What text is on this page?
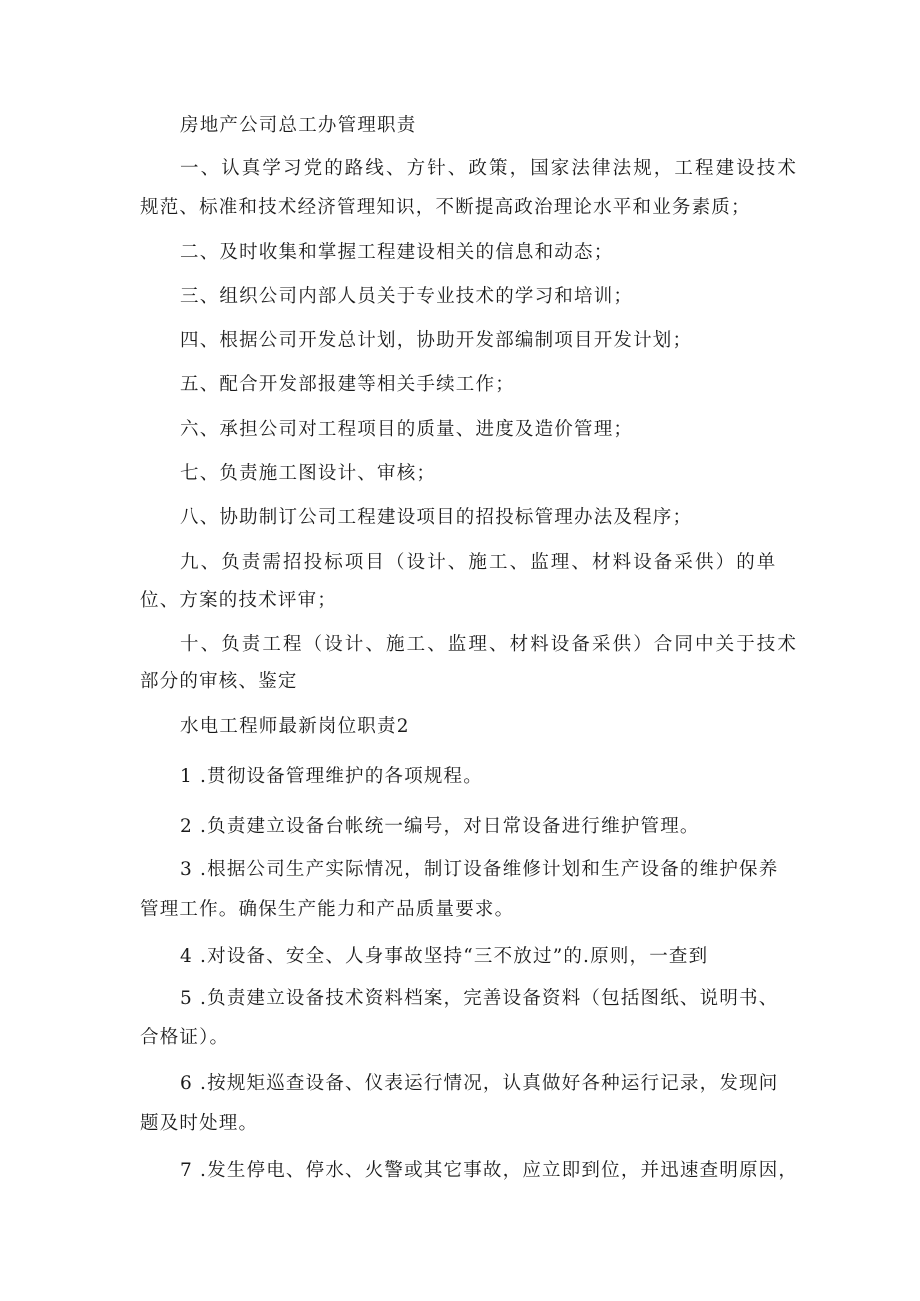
房地产公司总工办管理职责
一、认真学习党的路线、方针、政策，国家法律法规，工程建设技术
规范、标准和技术经济管理知识，不断提高政治理论水平和业务素质；
二、及时收集和掌握工程建设相关的信息和动态；
三、组织公司内部人员关于专业技术的学习和培训；
四、根据公司开发总计划，协助开发部编制项目开发计划；
五、配合开发部报建等相关手续工作；
六、承担公司对工程项目的质量、进度及造价管理；
七、负责施工图设计、审核；
八、协助制订公司工程建设项目的招投标管理办法及程序；
九、负责需招投标项目（设计、施工、监理、材料设备采供）的单
位、方案的技术评审；
十、负责工程（设计、施工、监理、材料设备采供）合同中关于技术
部分的审核、鉴定
水电工程师最新岗位职责2
1 .贯彻设备管理维护的各项规程。
2 .负责建立设备台帐统一编号，对日常设备进行维护管理。
3 .根据公司生产实际情况，制订设备维修计划和生产设备的维护保养
管理工作。确保生产能力和产品质量要求。
4 .对设备、安全、人身事故坚持“三不放过”的.原则，一查到
5 .负责建立设备技术资料档案，完善设备资料（包括图纸、说明书、
合格证）。
6 .按规矩巡查设备、仪表运行情况，认真做好各种运行记录，发现问
题及时处理。
7 .发生停电、停水、火警或其它事故，应立即到位，并迅速查明原因，
